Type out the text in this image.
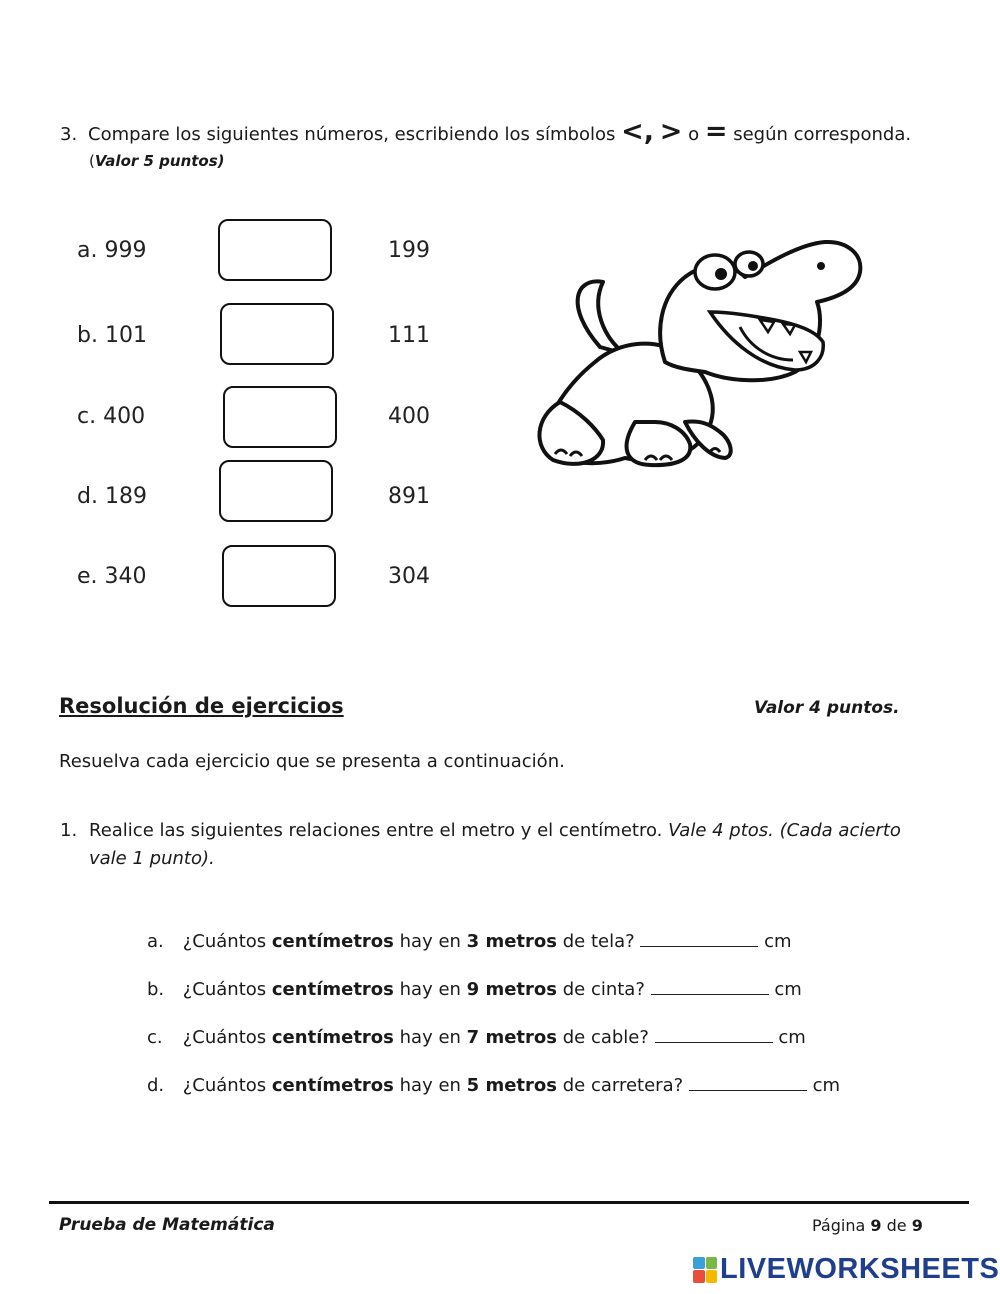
3. Compare los siguientes números, escribiendo los símbolos <, > o = según corresponda.
(Valor 5 puntos)
a. 999	199
b. 101	111
c. 400	400
d. 189	891
e. 340	304
Resolución de ejercicios	Valor 4 puntos.
Resuelva cada ejercicio que se presenta a continuación.
1. Realice las siguientes relaciones entre el metro y el centímetro. Vale 4 ptos. (Cada acierto vale 1 punto).
a. ¿Cuántos centímetros hay en 3 metros de tela?	cm
b. ¿Cuántos centímetros hay en 9 metros de cinta?	cm
c. ¿Cuántos centímetros hay en 7 metros de cable?	cm
d. ¿Cuántos centímetros hay en 5 metros de carretera?	cm
Prueba de Matemática	Página 9 de 9
LIVEWORKSHEETS
